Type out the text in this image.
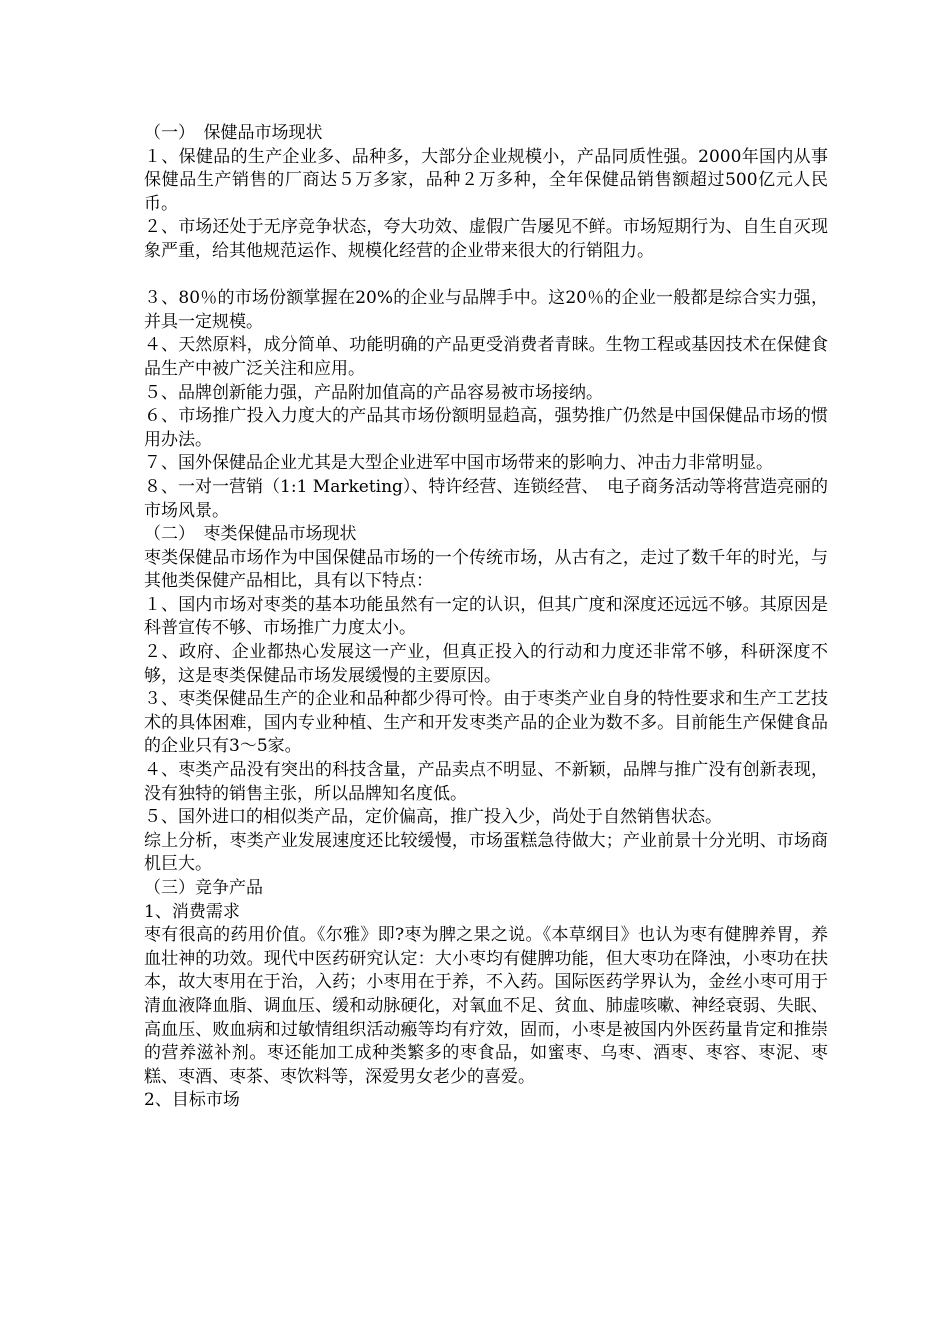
（一）　保健品市场现状

１、保健品的生产企业多、品种多，大部分企业规模小，产品同质性强。2000年国内从事保健品生产销售的厂商达５万多家，品种２万多种，全年保健品销售额超过500亿元人民币。

２、市场还处于无序竞争状态，夸大功效、虚假广告屡见不鲜。市场短期行为、自生自灭现象严重，给其他规范运作、规模化经营的企业带来很大的行销阻力。

３、80％的市场份额掌握在20%的企业与品牌手中。这20％的企业一般都是综合实力强，并具一定规模。

４、天然原料，成分简单、功能明确的产品更受消费者青睐。生物工程或基因技术在保健食品生产中被广泛关注和应用。

５、品牌创新能力强，产品附加值高的产品容易被市场接纳。

６、市场推广投入力度大的产品其市场份额明显趋高，强势推广仍然是中国保健品市场的惯用办法。

７、国外保健品企业尤其是大型企业进军中国市场带来的影响力、冲击力非常明显。

８、一对一营销（1:1 Marketing）、特许经营、连锁经营、　电子商务活动等将营造亮丽的市场风景。

（二）　枣类保健品市场现状

枣类保健品市场作为中国保健品市场的一个传统市场，从古有之，走过了数千年的时光，与其他类保健产品相比，具有以下特点：

１、国内市场对枣类的基本功能虽然有一定的认识，但其广度和深度还远远不够。其原因是科普宣传不够、市场推广力度太小。

２、政府、企业都热心发展这一产业，但真正投入的行动和力度还非常不够，科研深度不够，这是枣类保健品市场发展缓慢的主要原因。

３、枣类保健品生产的企业和品种都少得可怜。由于枣类产业自身的特性要求和生产工艺技术的具体困难，国内专业种植、生产和开发枣类产品的企业为数不多。目前能生产保健食品的企业只有3～5家。

４、枣类产品没有突出的科技含量，产品卖点不明显、不新颖，品牌与推广没有创新表现，没有独特的销售主张，所以品牌知名度低。

５、国外进口的相似类产品，定价偏高，推广投入少，尚处于自然销售状态。

综上分析，枣类产业发展速度还比较缓慢，市场蛋糕急待做大；产业前景十分光明、市场商机巨大。

（三）竞争产品

1、消费需求

枣有很高的药用价值。《尔雅》即?枣为脾之果之说。《本草纲目》也认为枣有健脾养胃，养血壮神的功效。现代中医药研究认定：大小枣均有健脾功能，但大枣功在降浊，小枣功在扶本，故大枣用在于治，入药；小枣用在于养，不入药。国际医药学界认为，金丝小枣可用于清血液降血脂、调血压、缓和动脉硬化，对氧血不足、贫血、肺虚咳嗽、神经衰弱、失眠、高血压、败血病和过敏情组织活动瘢等均有疗效，固而，小枣是被国内外医药量肯定和推崇的营养滋补剂。枣还能加工成种类繁多的枣食品，如蜜枣、乌枣、酒枣、枣容、枣泥、枣糕、枣酒、枣茶、枣饮料等，深爱男女老少的喜爱。

2、目标市场
